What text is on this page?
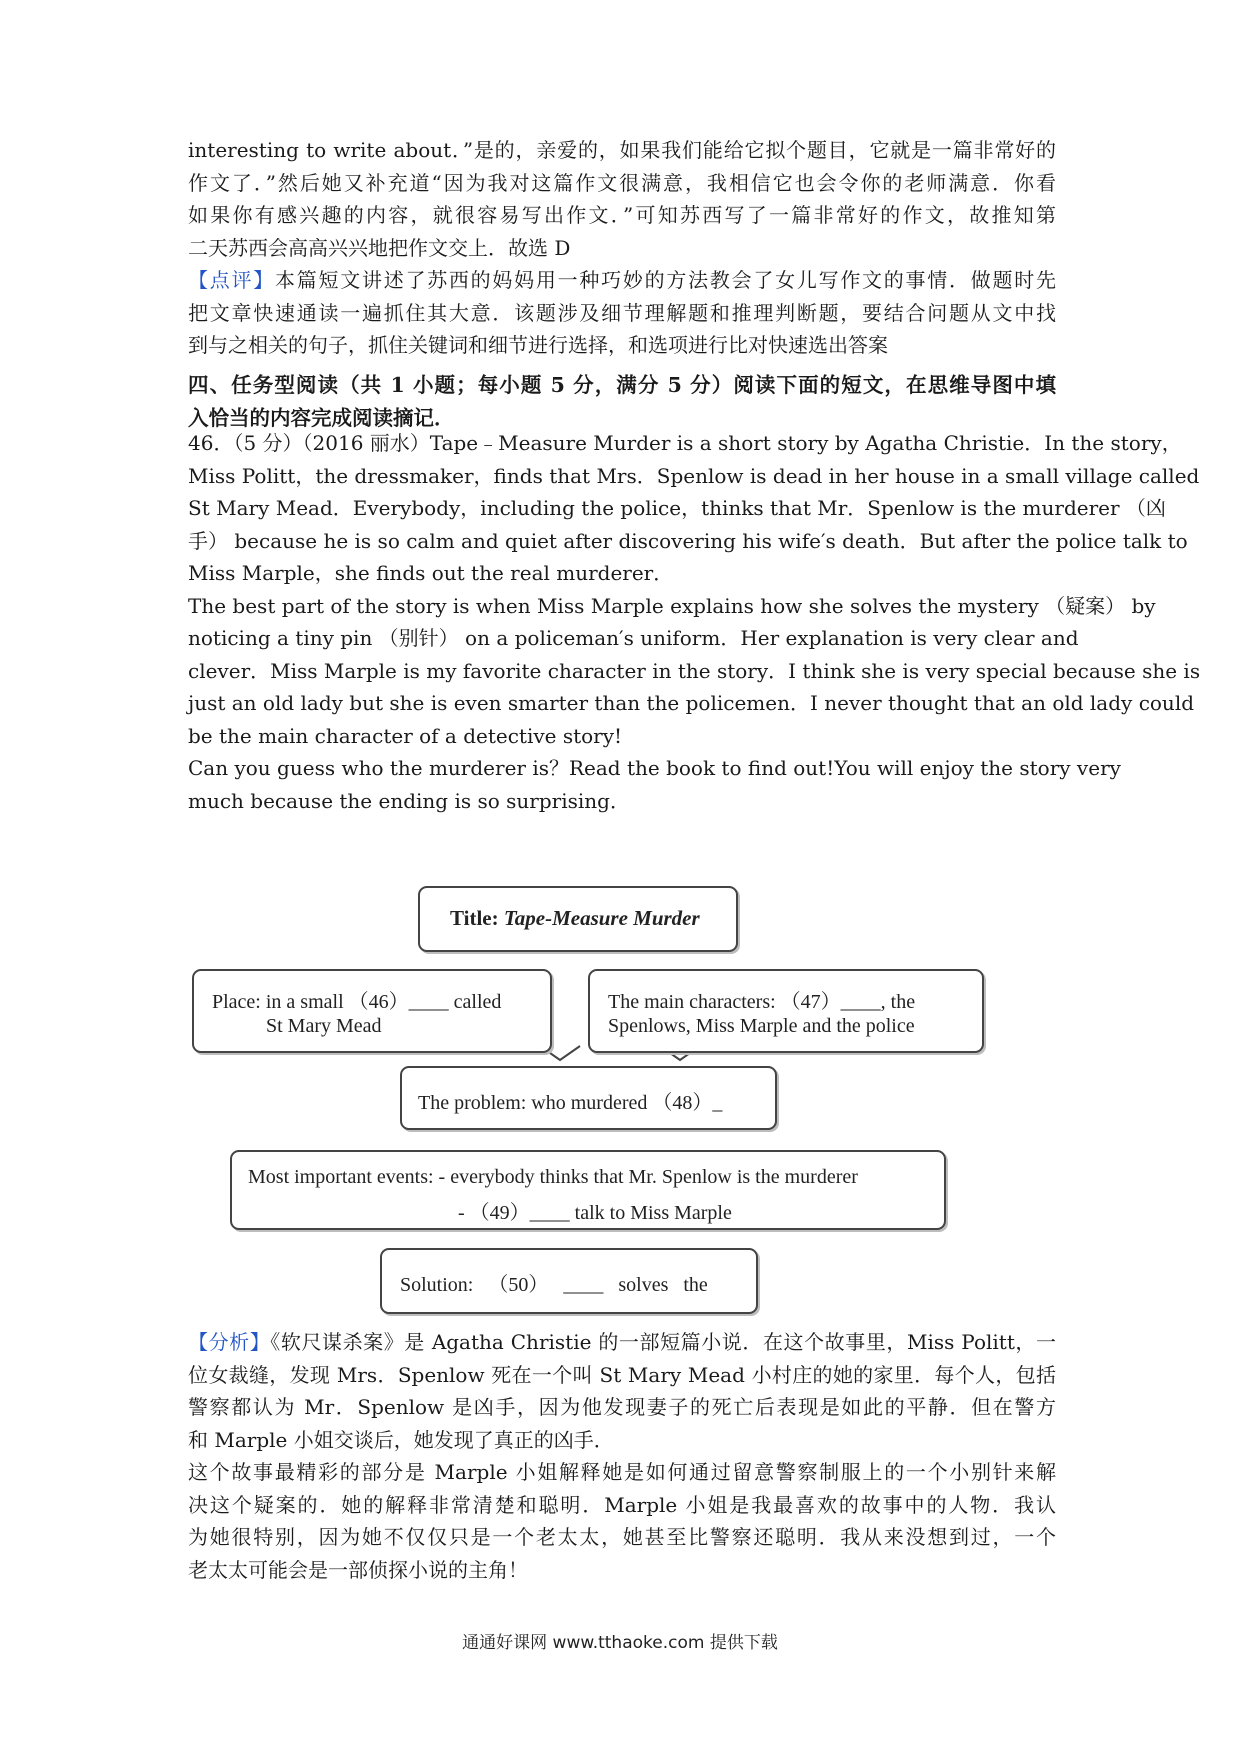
interesting to write about．”是的，亲爱的，如果我们能给它拟个题目，它就是一篇非常好的
作文了．”然后她又补充道“因为我对这篇作文很满意，我相信它也会令你的老师满意．你看
如果你有感兴趣的内容，就很容易写出作文．”可知苏西写了一篇非常好的作文，故推知第
二天苏西会高高兴兴地把作文交上．故选 D
【点评】本篇短文讲述了苏西的妈妈用一种巧妙的方法教会了女儿写作文的事情．做题时先
把文章快速通读一遍抓住其大意．该题涉及细节理解题和推理判断题，要结合问题从文中找
到与之相关的句子，抓住关键词和细节进行选择，和选项进行比对快速选出答案
四、任务型阅读（共 1 小题；每小题 5 分，满分 5 分）阅读下面的短文，在思维导图中填
入恰当的内容完成阅读摘记．
46．（5 分）（2016 丽水）Tape﹣Measure Murder is a short story by Agatha Christie．In the story，
Miss Politt，the dressmaker，finds that Mrs．Spenlow is dead in her house in a small village called
St Mary Mead．Everybody，including the police，thinks that Mr．Spenlow is the murderer （凶
手） because he is so calm and quiet after discovering his wife′s death．But after the police talk to
Miss Marple，she finds out the real murderer．
The best part of the story is when Miss Marple explains how she solves the mystery （疑案） by
noticing a tiny pin （别针） on a policeman′s uniform．Her explanation is very clear and
clever．Miss Marple is my favorite character in the story．I think she is very special because she is
just an old lady but she is even smarter than the policemen．I never thought that an old lady could
be the main character of a detective story!
Can you guess who the murderer is？Read the book to find out!You will enjoy the story very
much because the ending is so surprising．
Title: Tape-Measure Murder
Place: in a small （46）____ called
St Mary Mead
The main characters: （47）____, the
Spenlows, Miss Marple and the police
The problem: who murdered （48）_
Most important events: - everybody thinks that Mr. Spenlow is the murderer
- （49）____ talk to Miss Marple
Solution: （50） ____ solves the
【分析】《软尺谋杀案》是 Agatha Christie 的一部短篇小说．在这个故事里，Miss Politt，一
位女裁缝，发现 Mrs．Spenlow 死在一个叫 St Mary Mead 小村庄的她的家里．每个人，包括
警察都认为 Mr．Spenlow 是凶手，因为他发现妻子的死亡后表现是如此的平静．但在警方
和 Marple 小姐交谈后，她发现了真正的凶手．
这个故事最精彩的部分是 Marple 小姐解释她是如何通过留意警察制服上的一个小别针来解
决这个疑案的．她的解释非常清楚和聪明．Marple 小姐是我最喜欢的故事中的人物．我认
为她很特别，因为她不仅仅只是一个老太太，她甚至比警察还聪明．我从来没想到过，一个
老太太可能会是一部侦探小说的主角！
通通好课网 www.tthaoke.com 提供下载
